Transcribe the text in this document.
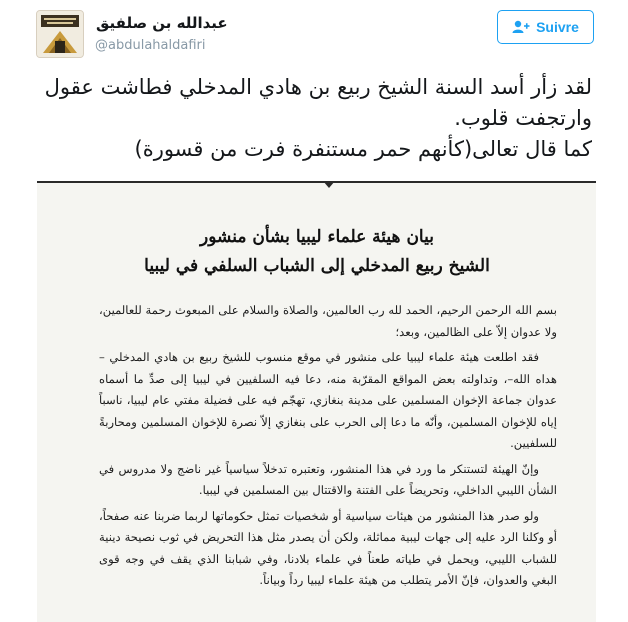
عبدالله بن صلفيق
@abdulahaldafiri
Suivre

لقد زأر أسد السنة الشيخ ربيع بن هادي المدخلي فطاشت عقول وارتجفت قلوب.

كما قال تعالى(كأنهم حمر مستنفرة فرت من قسورة)

بيان هيئة علماء ليبيا بشأن منشور
الشيخ ربيع المدخلي إلى الشباب السلفي في ليبيا

بسم الله الرحمن الرحيم، الحمد لله رب العالمين، والصلاة والسلام على المبعوث رحمة للعالمين، ولا عدوان إلاّ على الظالمين، وبعد؛

فقد اطلعت هيئة علماء ليبيا على منشور في موقع منسوب للشيخ ربيع بن هادي المدخلي –هداه الله–، وتداولته بعض المواقع المقرّبة منه، دعا فيه السلفيين في ليبيا إلى صدِّ ما أسماه عدوان جماعة الإخوان المسلمين على مدينة بنغازي، تهجّم فيه على فضيلة مفتي عام ليبيا، ناسباً إياه للإخوان المسلمين، وأنّه ما دعا إلى الحرب على بنغازي إلاّ نصرة للإخوان المسلمين ومحاربةً للسلفيين.

وإنّ الهيئة لتستنكر ما ورد في هذا المنشور، وتعتبره تدخلاً سياسياً غير ناضج ولا مدروس في الشأن الليبي الداخلي، وتحريضاً على الفتنة والاقتتال بين المسلمين في ليبيا.

ولو صدر هذا المنشور من هيئات سياسية أو شخصيات تمثل حكوماتها لربما ضربنا عنه صفحاً، أو وكلنا الرد عليه إلى جهات ليبية مماثلة، ولكن أن يصدر مثل هذا التحريض في ثوب نصيحة دينية للشباب الليبي، ويحمل في طياته طعناً في علماء بلادنا، وفي شبابنا الذي يقف في وجه قوى البغي والعدوان، فإنّ الأمر يتطلب من هيئة علماء ليبيا رداً وبياناً.
